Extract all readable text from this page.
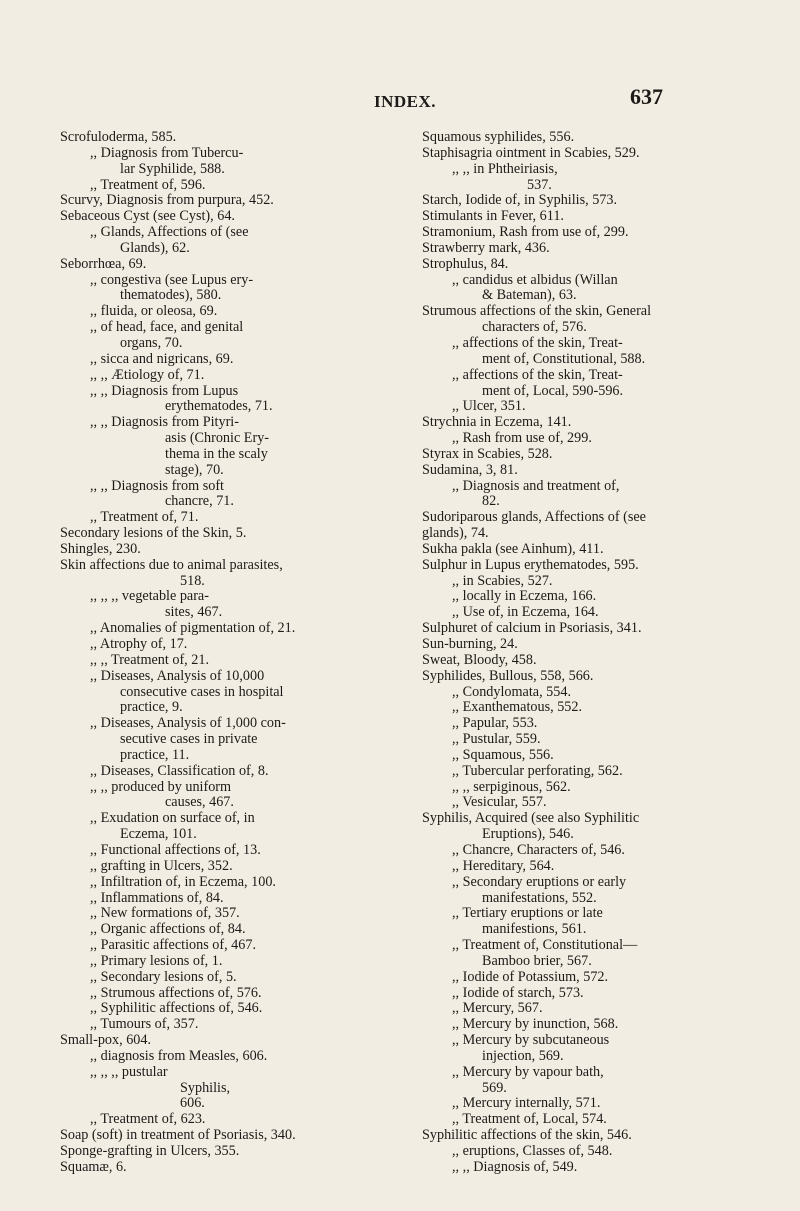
INDEX.	637
Scrofuloderma, 585.
,, Diagnosis from Tubercu-
lar Syphilide, 588.
,, Treatment of, 596.
Scurvy, Diagnosis from purpura, 452.
Sebaceous Cyst (see Cyst), 64.
,, Glands, Affections of (see
Glands), 62.
Seborrhœa, 69.
,, congestiva (see Lupus ery-
thematodes), 580.
,, fluida, or oleosa, 69.
,, of head, face, and genital
organs, 70.
,, sicca and nigricans, 69.
,, ,, Ætiology of, 71.
,, ,, Diagnosis from Lupus
erythematodes, 71.
,, ,, Diagnosis from Pityri-
asis (Chronic Ery-
thema in the scaly
stage), 70.
,, ,, Diagnosis from soft
chancre, 71.
,, Treatment of, 71.
Secondary lesions of the Skin, 5.
Shingles, 230.
Skin affections due to animal parasites,
518.
,, ,, ,, vegetable para-
sites, 467.
,, Anomalies of pigmentation of, 21.
,, Atrophy of, 17.
,, ,, Treatment of, 21.
,, Diseases, Analysis of 10,000
consecutive cases in hospital
practice, 9.
,, Diseases, Analysis of 1,000 con-
secutive cases in private
practice, 11.
,, Diseases, Classification of, 8.
,, ,, produced by uniform
causes, 467.
,, Exudation on surface of, in
Eczema, 101.
,, Functional affections of, 13.
,, grafting in Ulcers, 352.
,, Infiltration of, in Eczema, 100.
,, Inflammations of, 84.
,, New formations of, 357.
,, Organic affections of, 84.
,, Parasitic affections of, 467.
,, Primary lesions of, 1.
,, Secondary lesions of, 5.
,, Strumous affections of, 576.
,, Syphilitic affections of, 546.
,, Tumours of, 357.
Small-pox, 604.
,, diagnosis from Measles, 606.
,, ,, ,, pustular
Syphilis,
606.
,, Treatment of, 623.
Soap (soft) in treatment of Psoriasis, 340.
Sponge-grafting in Ulcers, 355.
Squamæ, 6.
Squamous syphilides, 556.
Staphisagria ointment in Scabies, 529.
,, ,, in Phtheiriasis,
537.
Starch, Iodide of, in Syphilis, 573.
Stimulants in Fever, 611.
Stramonium, Rash from use of, 299.
Strawberry mark, 436.
Strophulus, 84.
,, candidus et albidus (Willan
& Bateman), 63.
Strumous affections of the skin, General
characters of, 576.
,, affections of the skin, Treat-
ment of, Constitutional, 588.
,, affections of the skin, Treat-
ment of, Local, 590-596.
,, Ulcer, 351.
Strychnia in Eczema, 141.
,, Rash from use of, 299.
Styrax in Scabies, 528.
Sudamina, 3, 81.
,, Diagnosis and treatment of,
82.
Sudoriparous glands, Affections of (see
glands), 74.
Sukha pakla (see Ainhum), 411.
Sulphur in Lupus erythematodes, 595.
,, in Scabies, 527.
,, locally in Eczema, 166.
,, Use of, in Eczema, 164.
Sulphuret of calcium in Psoriasis, 341.
Sun-burning, 24.
Sweat, Bloody, 458.
Syphilides, Bullous, 558, 566.
,, Condylomata, 554.
,, Exanthematous, 552.
,, Papular, 553.
,, Pustular, 559.
,, Squamous, 556.
,, Tubercular perforating, 562.
,, ,, serpiginous, 562.
,, Vesicular, 557.
Syphilis, Acquired (see also Syphilitic
Eruptions), 546.
,, Chancre, Characters of, 546.
,, Hereditary, 564.
,, Secondary eruptions or early
manifestations, 552.
,, Tertiary eruptions or late
manifestions, 561.
,, Treatment of, Constitutional—
Bamboo brier, 567.
,, Iodide of Potassium, 572.
,, Iodide of starch, 573.
,, Mercury, 567.
,, Mercury by inunction, 568.
,, Mercury by subcutaneous
injection, 569.
,, Mercury by vapour bath,
569.
,, Mercury internally, 571.
,, Treatment of, Local, 574.
Syphilitic affections of the skin, 546.
,, eruptions, Classes of, 548.
,, ,, Diagnosis of, 549.
